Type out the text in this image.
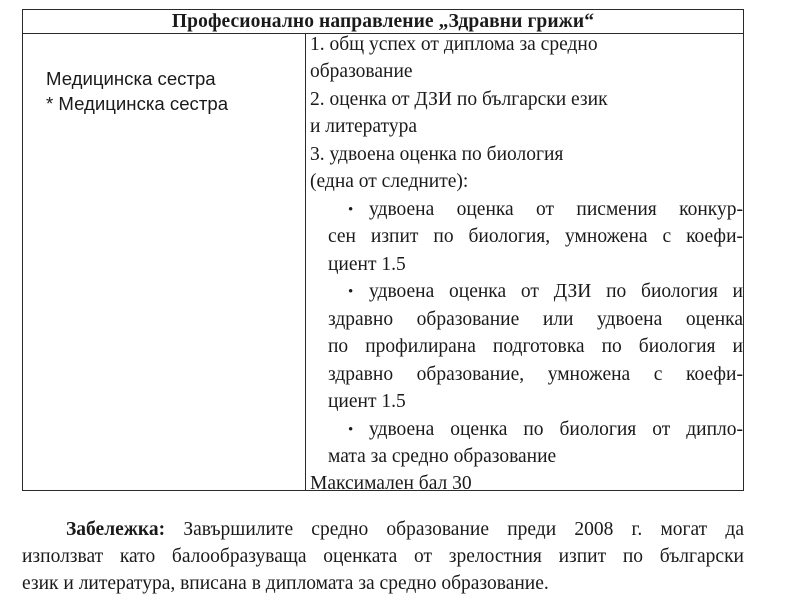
Професионално направление „Здравни грижи“
Медицинска сестра
* Медицинска сестра
1. общ успех от диплома за средно
образование
2. оценка от ДЗИ по български език
и литература
3. удвоена оценка по биология
(една от следните):
• удвоена оценка от писмения конкур-
сен изпит по биология, умножена с коефи-
циент 1.5
• удвоена оценка от ДЗИ по биология и
здравно образование или удвоена оценка
по профилирана подготовка по биология и
здравно образование, умножена с коефи-
циент 1.5
• удвоена оценка по биология от дипло-
мата за средно образование
Максимален бал 30
Забележка: Завършилите средно образование преди 2008 г. могат да
използват като балообразуваща оценката от зрелостния изпит по български
език и литература, вписана в дипломата за средно образование.
